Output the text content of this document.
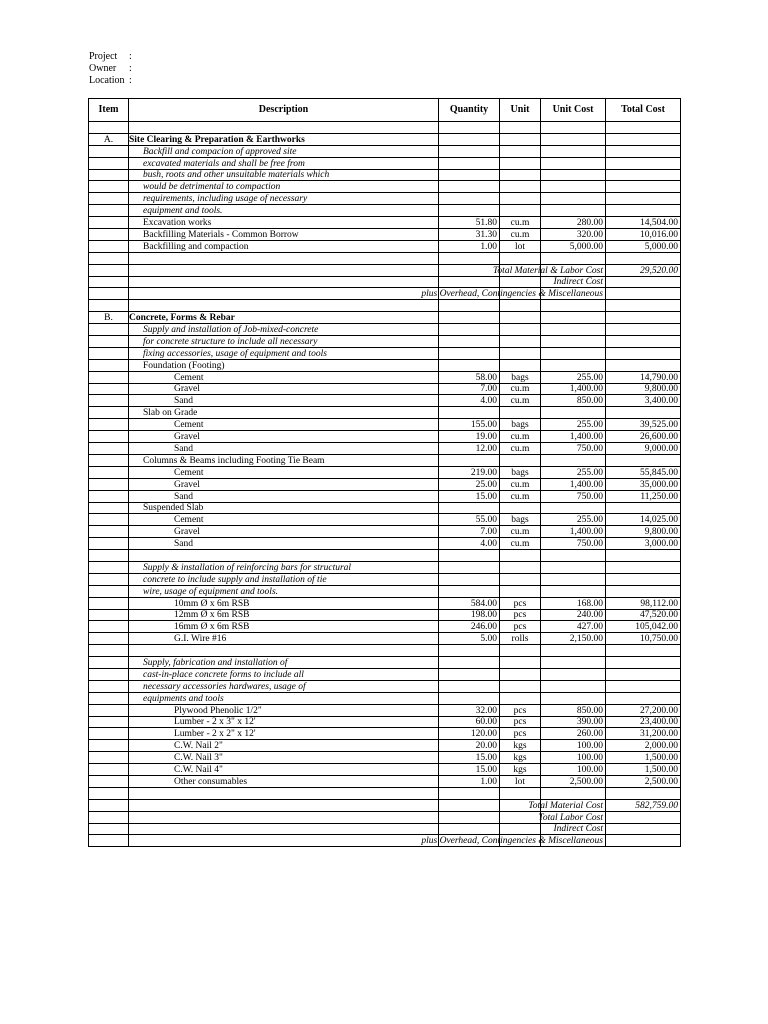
Project	:
Owner	:
Location :
Item	Description	Quantity	Unit	Unit Cost	Total Cost

A.	Site Clearing & Preparation & Earthworks				
	Backfill and compacion of approved site				
	excavated materials and shall be free from				
	bush, roots and other unsuitable materials which				
	would be detrimental to compaction				
	requirements, including usage of necessary				
	equipment and tools.				
	Excavation works	51.80	cu.m	280.00	14,504.00
	Backfilling Materials - Common Borrow	31.30	cu.m	320.00	10,016.00
	Backfilling and compaction	1.00	lot	5,000.00	5,000.00

				Total Material & Labor Cost	29,520.00

				Indirect Cost	

				plus Overhead, Contingencies & Miscellaneous	

B.	Concrete, Forms & Rebar				
	Supply and installation of Job-mixed-concrete				
	for concrete structure to include all necessary				
	fixing accessories, usage of equipment and tools				
	Foundation (Footing)				
	Cement	58.00	bags	255.00	14,790.00
	Gravel	7.00	cu.m	1,400.00	9,800.00
	Sand	4.00	cu.m	850.00	3,400.00
	Slab on Grade				
	Cement	155.00	bags	255.00	39,525.00
	Gravel	19.00	cu.m	1,400.00	26,600.00
	Sand	12.00	cu.m	750.00	9,000.00
	Columns & Beams including Footing Tie Beam				
	Cement	219.00	bags	255.00	55,845.00
	Gravel	25.00	cu.m	1,400.00	35,000.00
	Sand	15.00	cu.m	750.00	11,250.00
	Suspended Slab				
	Cement	55.00	bags	255.00	14,025.00
	Gravel	7.00	cu.m	1,400.00	9,800.00
	Sand	4.00	cu.m	750.00	3,000.00

	Supply & installation of reinforcing bars for structural				
	concrete to include supply and installation of tie				
	wire, usage of equipment and tools.				
	10mm Ø x 6m RSB	584.00	pcs	168.00	98,112.00
	12mm Ø x 6m RSB	198.00	pcs	240.00	47,520.00
	16mm Ø x 6m RSB	246.00	pcs	427.00	105,042.00
	G.I. Wire #16	5.00	rolls	2,150.00	10,750.00

	Supply, fabrication and installation of				
	cast-in-place concrete forms to include all				
	necessary accessories hardwares, usage of				
	equipments and tools				
	Plywood Phenolic 1/2"	32.00	pcs	850.00	27,200.00
	Lumber - 2 x 3" x 12'	60.00	pcs	390.00	23,400.00
	Lumber - 2 x 2" x 12'	120.00	pcs	260.00	31,200.00
	C.W. Nail 2"	20.00	kgs	100.00	2,000.00
	C.W. Nail 3"	15.00	kgs	100.00	1,500.00
	C.W. Nail 4"	15.00	kgs	100.00	1,500.00
	Other consumables	1.00	lot	2,500.00	2,500.00

				Total Material Cost	582,759.00

				Total Labor Cost	

				Indirect Cost	

				plus Overhead, Contingencies & Miscellaneous	
